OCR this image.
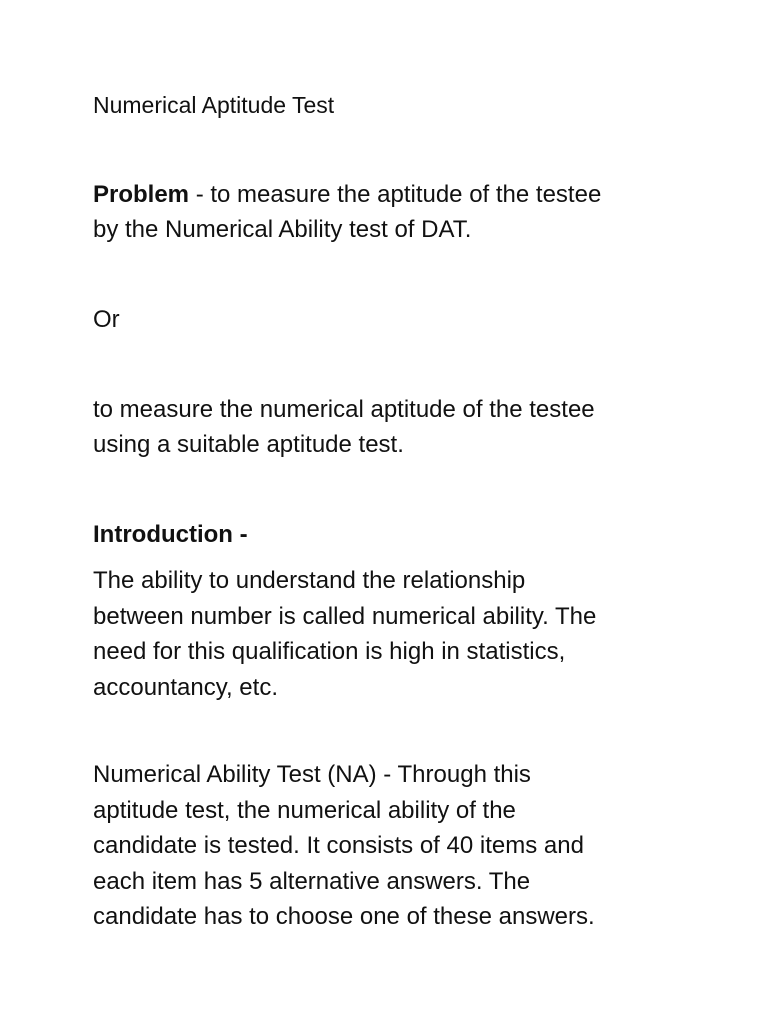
Numerical Aptitude Test

Problem - to measure the aptitude of the testee
by the Numerical Ability test of DAT.

Or

to measure the numerical aptitude of the testee
using a suitable aptitude test.

Introduction -

The ability to understand the relationship
between number is called numerical ability. The
need for this qualification is high in statistics,
accountancy, etc.

Numerical Ability Test (NA) - Through this
aptitude test, the numerical ability of the
candidate is tested. It consists of 40 items and
each item has 5 alternative answers. The
candidate has to choose one of these answers.
